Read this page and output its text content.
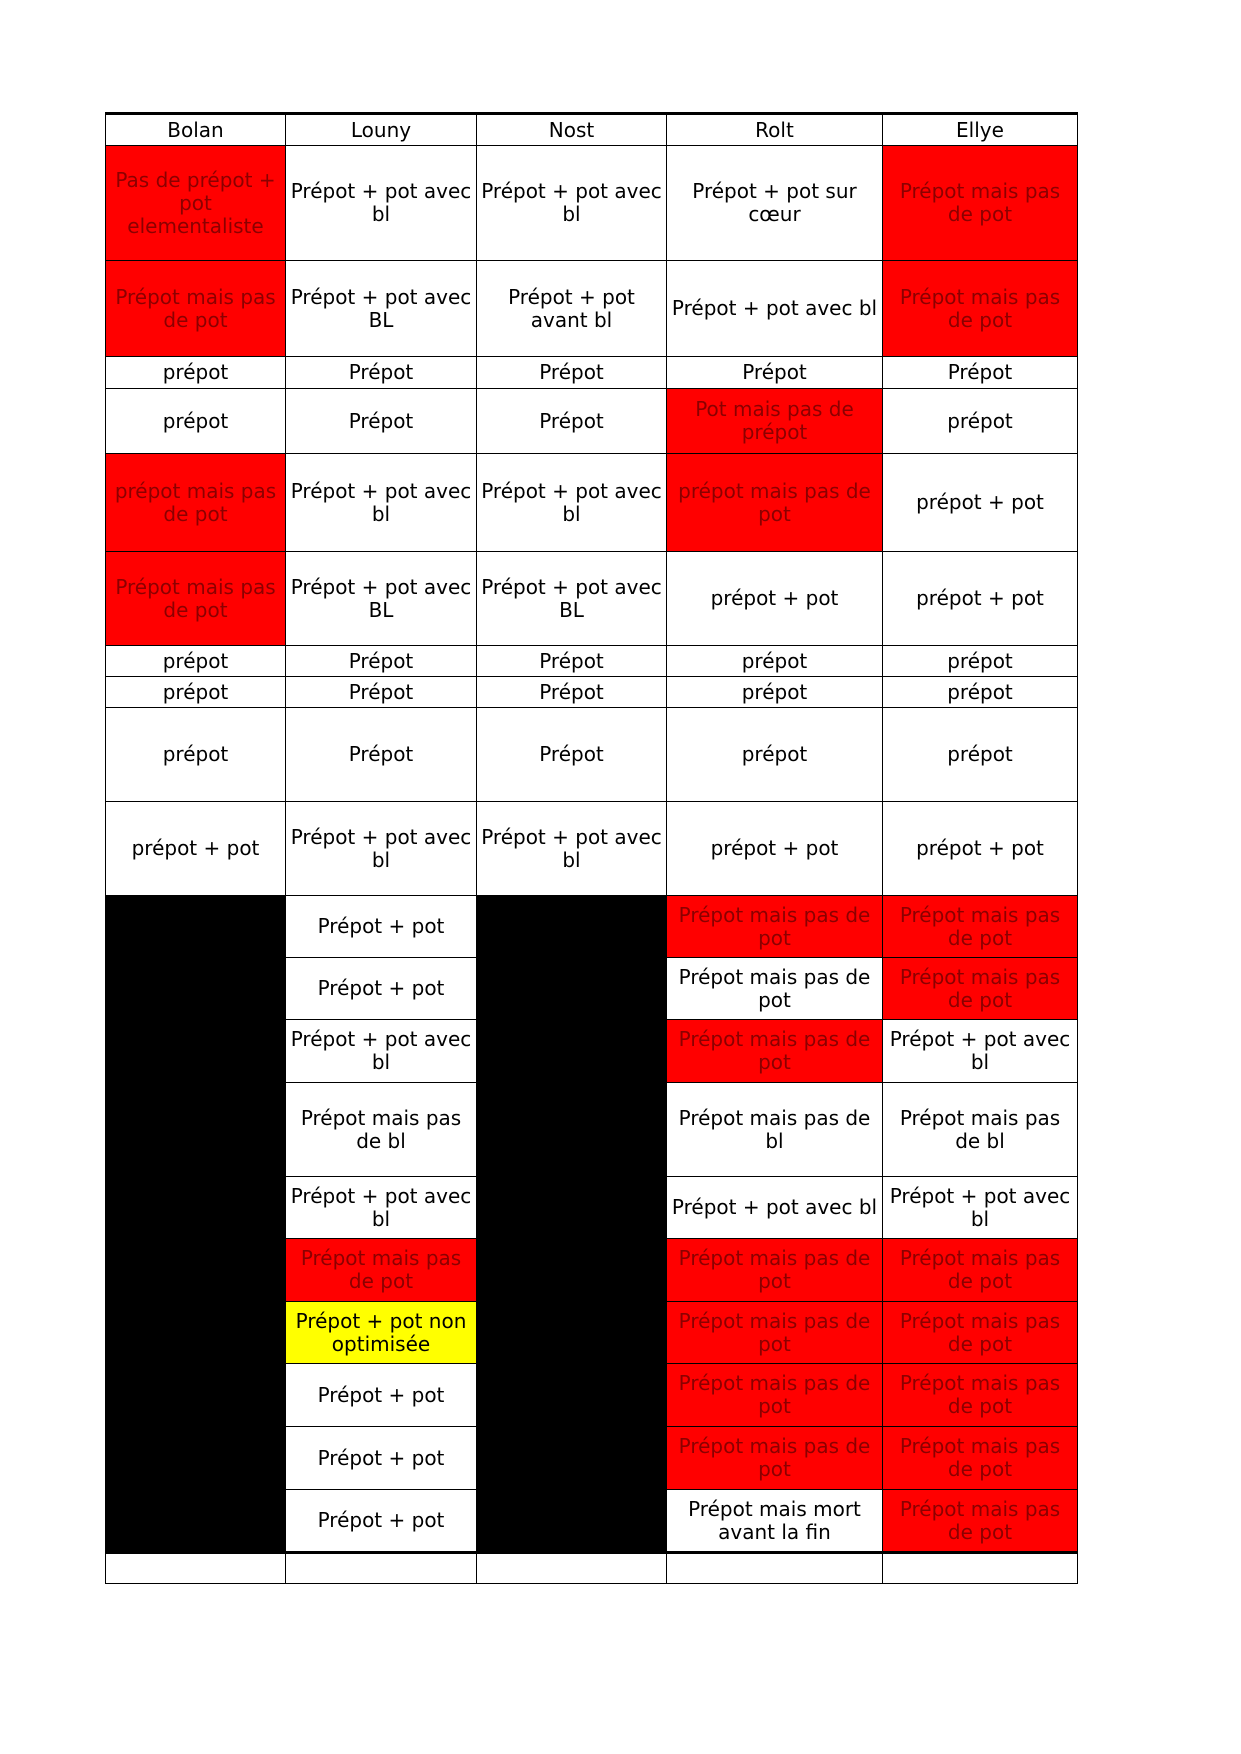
Bolan	Louny	Nost	Rolt	Ellye
Pas de prépot + pot elementaliste	Prépot + pot avec bl	Prépot + pot avec bl	Prépot + pot sur cœur	Prépot mais pas de pot
Prépot mais pas de pot	Prépot + pot avec BL	Prépot + pot avant bl	Prépot + pot avec bl	Prépot mais pas de pot
prépot	Prépot	Prépot	Prépot	Prépot
prépot	Prépot	Prépot	Pot mais pas de prépot	prépot
prépot mais pas de pot	Prépot + pot avec bl	Prépot + pot avec bl	prépot mais pas de pot	prépot + pot
Prépot mais pas de pot	Prépot + pot avec BL	Prépot + pot avec BL	prépot + pot	prépot + pot
prépot	Prépot	Prépot	prépot	prépot
prépot	Prépot	Prépot	prépot	prépot
prépot	Prépot	Prépot	prépot	prépot
prépot + pot	Prépot + pot avec bl	Prépot + pot avec bl	prépot + pot	prépot + pot
	Prépot + pot		Prépot mais pas de pot	Prépot mais pas de pot
	Prépot + pot		Prépot mais pas de pot	Prépot mais pas de pot
	Prépot + pot avec bl		Prépot mais pas de pot	Prépot + pot avec bl
	Prépot mais pas de bl		Prépot mais pas de bl	Prépot mais pas de bl
	Prépot + pot avec bl		Prépot + pot avec bl	Prépot + pot avec bl
	Prépot mais pas de pot		Prépot mais pas de pot	Prépot mais pas de pot
	Prépot + pot non optimisée		Prépot mais pas de pot	Prépot mais pas de pot
	Prépot + pot		Prépot mais pas de pot	Prépot mais pas de pot
	Prépot + pot		Prépot mais pas de pot	Prépot mais pas de pot
	Prépot + pot		Prépot mais mort avant la fin	Prépot mais pas de pot
